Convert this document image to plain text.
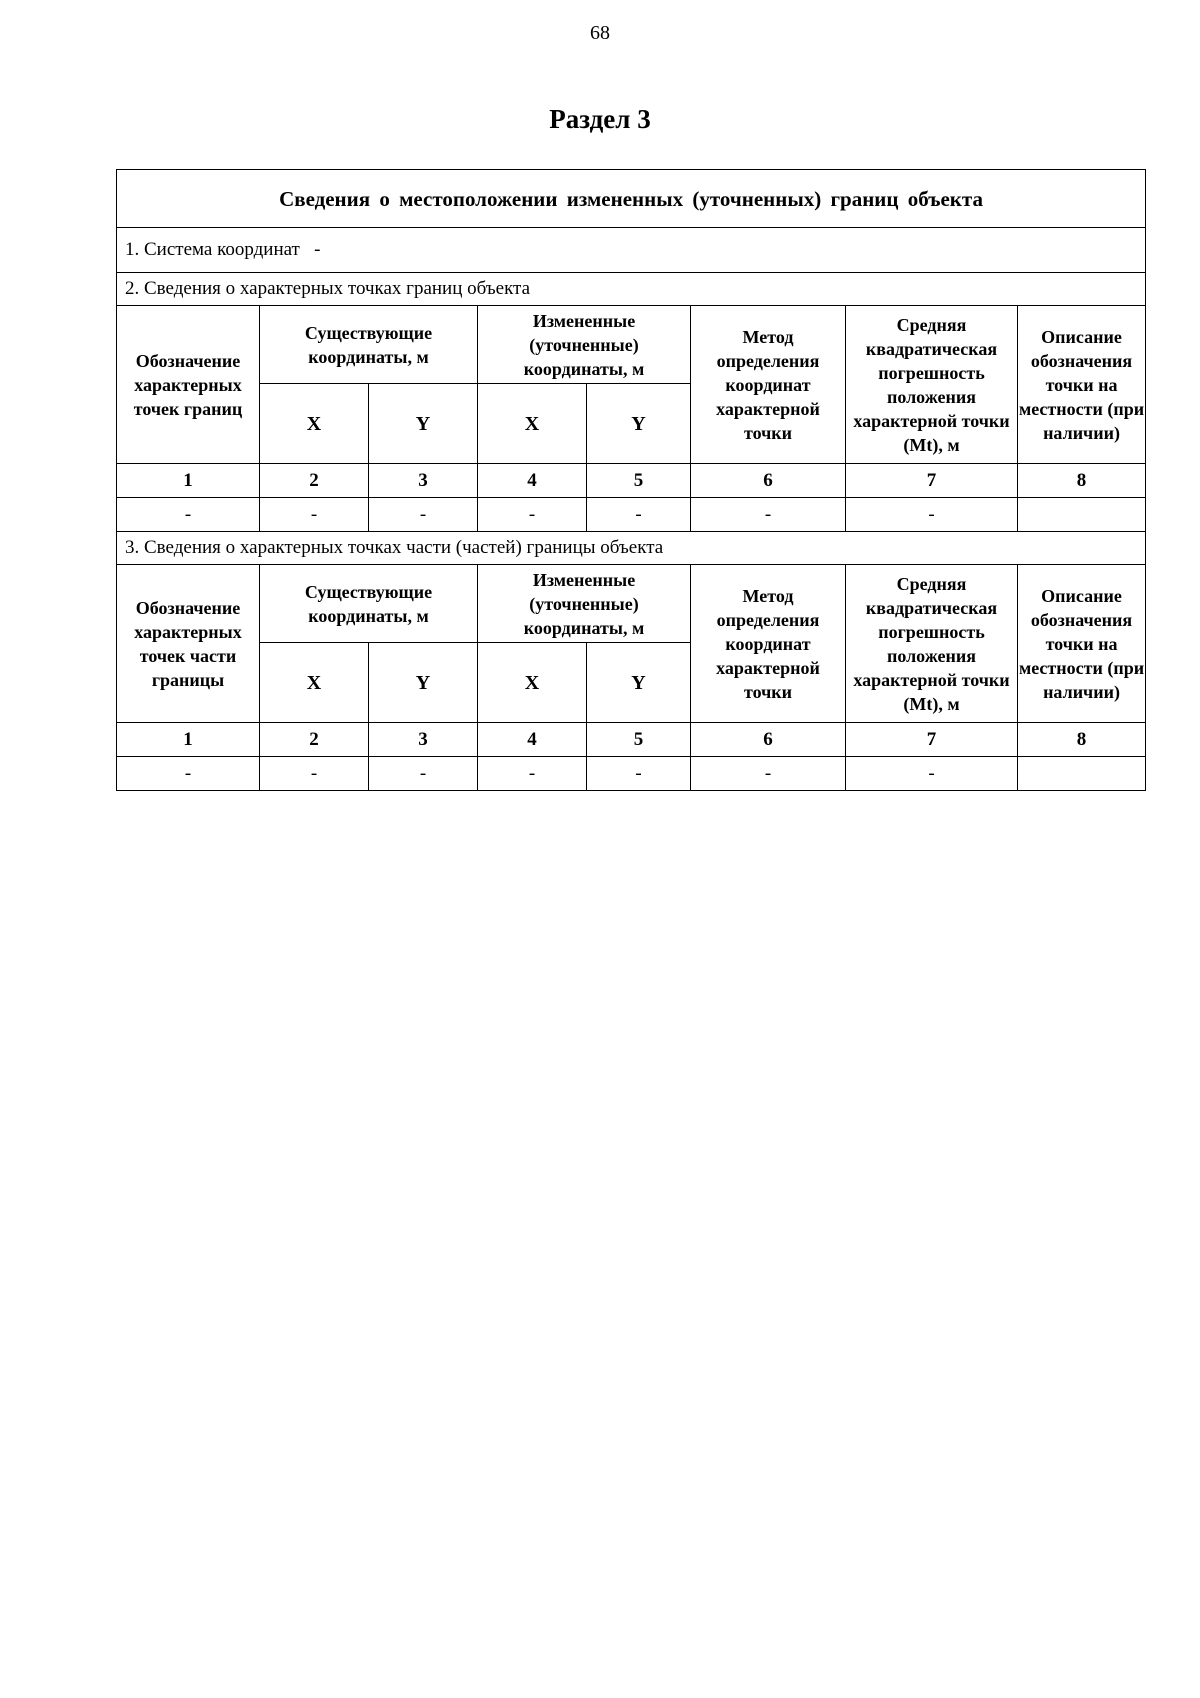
68
Раздел 3
Сведения о местоположении измененных (уточненных) границ объекта							
1. Система координат -							
2. Сведения о характерных точках границ объекта							
Обозначение характерных точек границ	Существующие координаты, м		Измененные (уточненные) координаты, м		Метод определения координат характерной точки	Средняя квадратическая погрешность положения характерной точки (Mt), м	Описание обозначения точки на местности (при наличии)
	X	Y	X	Y			
1	2	3	4	5	6	7	8
-	-	-	-	-	-	-	
3. Сведения о характерных точках части (частей) границы объекта							
Обозначение характерных точек части границы	Существующие координаты, м		Измененные (уточненные) координаты, м		Метод определения координат характерной точки	Средняя квадратическая погрешность положения характерной точки (Mt), м	Описание обозначения точки на местности (при наличии)
	X	Y	X	Y			
1	2	3	4	5	6	7	8
-	-	-	-	-	-	-	
